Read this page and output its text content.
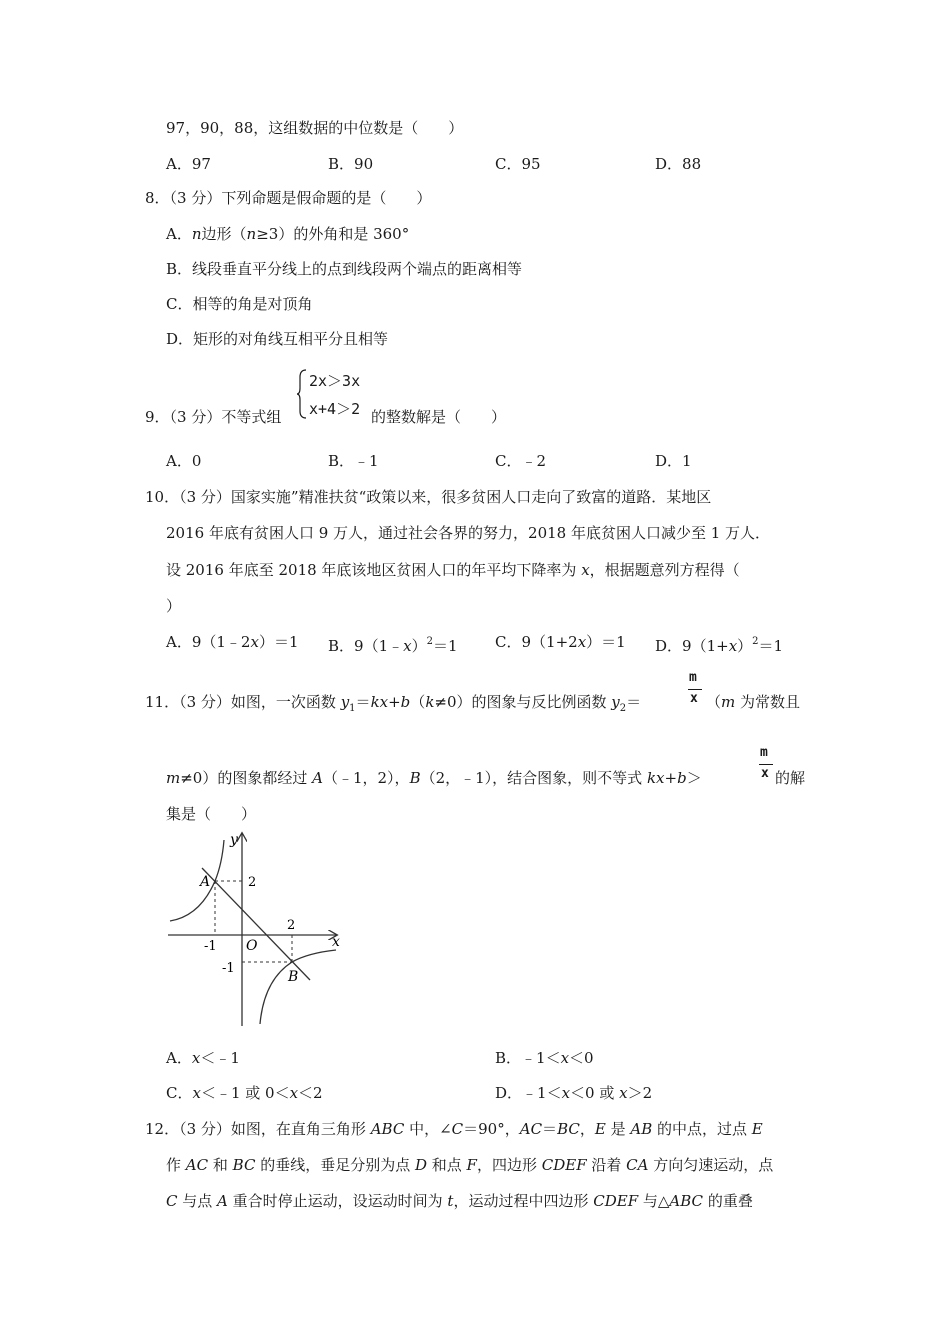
97，90，88，这组数据的中位数是（　　）
A．97	B．90	C．95	D．88
8．（3 分）下列命题是假命题的是（　　）
A．n边形（n≥3）的外角和是 360°
B．线段垂直平分线上的点到线段两个端点的距离相等
C．相等的角是对顶角
D．矩形的对角线互相平分且相等
2x＞3x
x+4＞2
9．（3 分）不等式组	的整数解是（　　）
A．0	B．﹣1	C．﹣2	D．1
10．（3 分）国家实施”精准扶贫“政策以来，很多贫困人口走向了致富的道路．某地区
2016 年底有贫困人口 9 万人，通过社会各界的努力，2018 年底贫困人口减少至 1 万人．
设 2016 年底至 2018 年底该地区贫困人口的年平均下降率为 x，根据题意列方程得（
）
A．9（1﹣2x）＝1 B．9（1﹣x）$^2$＝1 C．9（1+2x）＝1 D．$9(1+x)^2=1$
m
x
11．（3 分）如图，一次函数 $y_1=kx+b(k\ne 0)$的图象与反比例函数 $y_2=$	（m 为常数且
m
x
m≠0）的图象都经过 A（﹣1，2），B（2，﹣1），结合图象，则不等式 kx+b＞	的解
集是（　　）
y
x
O
A
B
2
2
-1
-1
A．x＜﹣1	B．﹣1＜x＜0
C．x＜﹣1 或 0＜x＜2	D．﹣1＜x＜0 或 x＞2
12．（3 分）如图，在直角三角形 ABC 中，∠C＝90°，AC＝BC，E 是 AB 的中点，过点 E
作 AC 和 BC 的垂线，垂足分别为点 D 和点 F，四边形 CDEF 沿着 CA 方向匀速运动，点
C 与点 A 重合时停止运动，设运动时间为 t，运动过程中四边形 CDEF 与△ABC 的重叠
